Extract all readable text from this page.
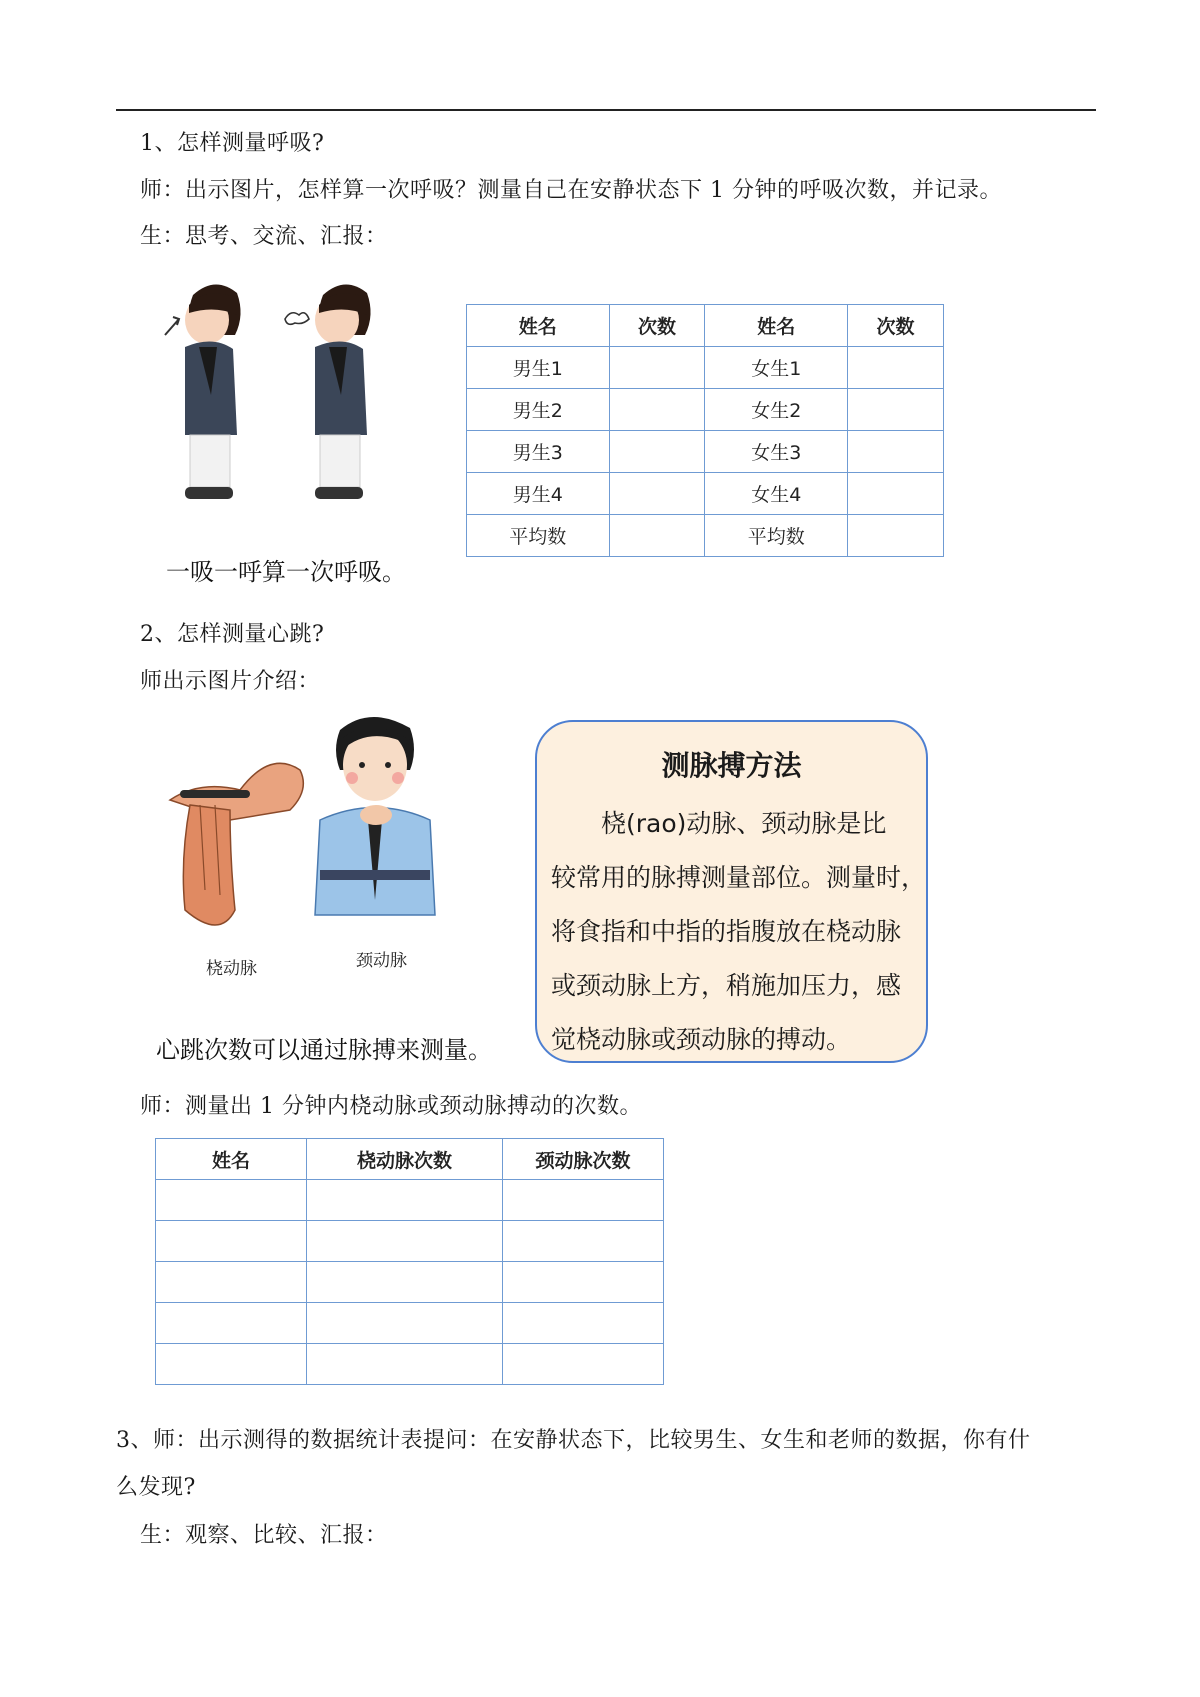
1、怎样测量呼吸?
师：出示图片，怎样算一次呼吸？测量自己在安静状态下 1 分钟的呼吸次数，并记录。
生：思考、交流、汇报：
一吸一呼算一次呼吸。
姓名	次数	姓名	次数
男生1		女生1	
男生2		女生2	
男生3		女生3	
男生4		女生4	
平均数		平均数	
2、怎样测量心跳?
师出示图片介绍：
桡动脉	颈动脉
心跳次数可以通过脉搏来测量。
测脉搏方法
桡(rao)动脉、颈动脉是比
较常用的脉搏测量部位。测量时，
将食指和中指的指腹放在桡动脉
或颈动脉上方，稍施加压力，感
觉桡动脉或颈动脉的搏动。
师：测量出 1 分钟内桡动脉或颈动脉搏动的次数。
姓名	桡动脉次数	颈动脉次数

3、师：出示测得的数据统计表提问：在安静状态下，比较男生、女生和老师的数据，你有什
么发现?
生：观察、比较、汇报：
